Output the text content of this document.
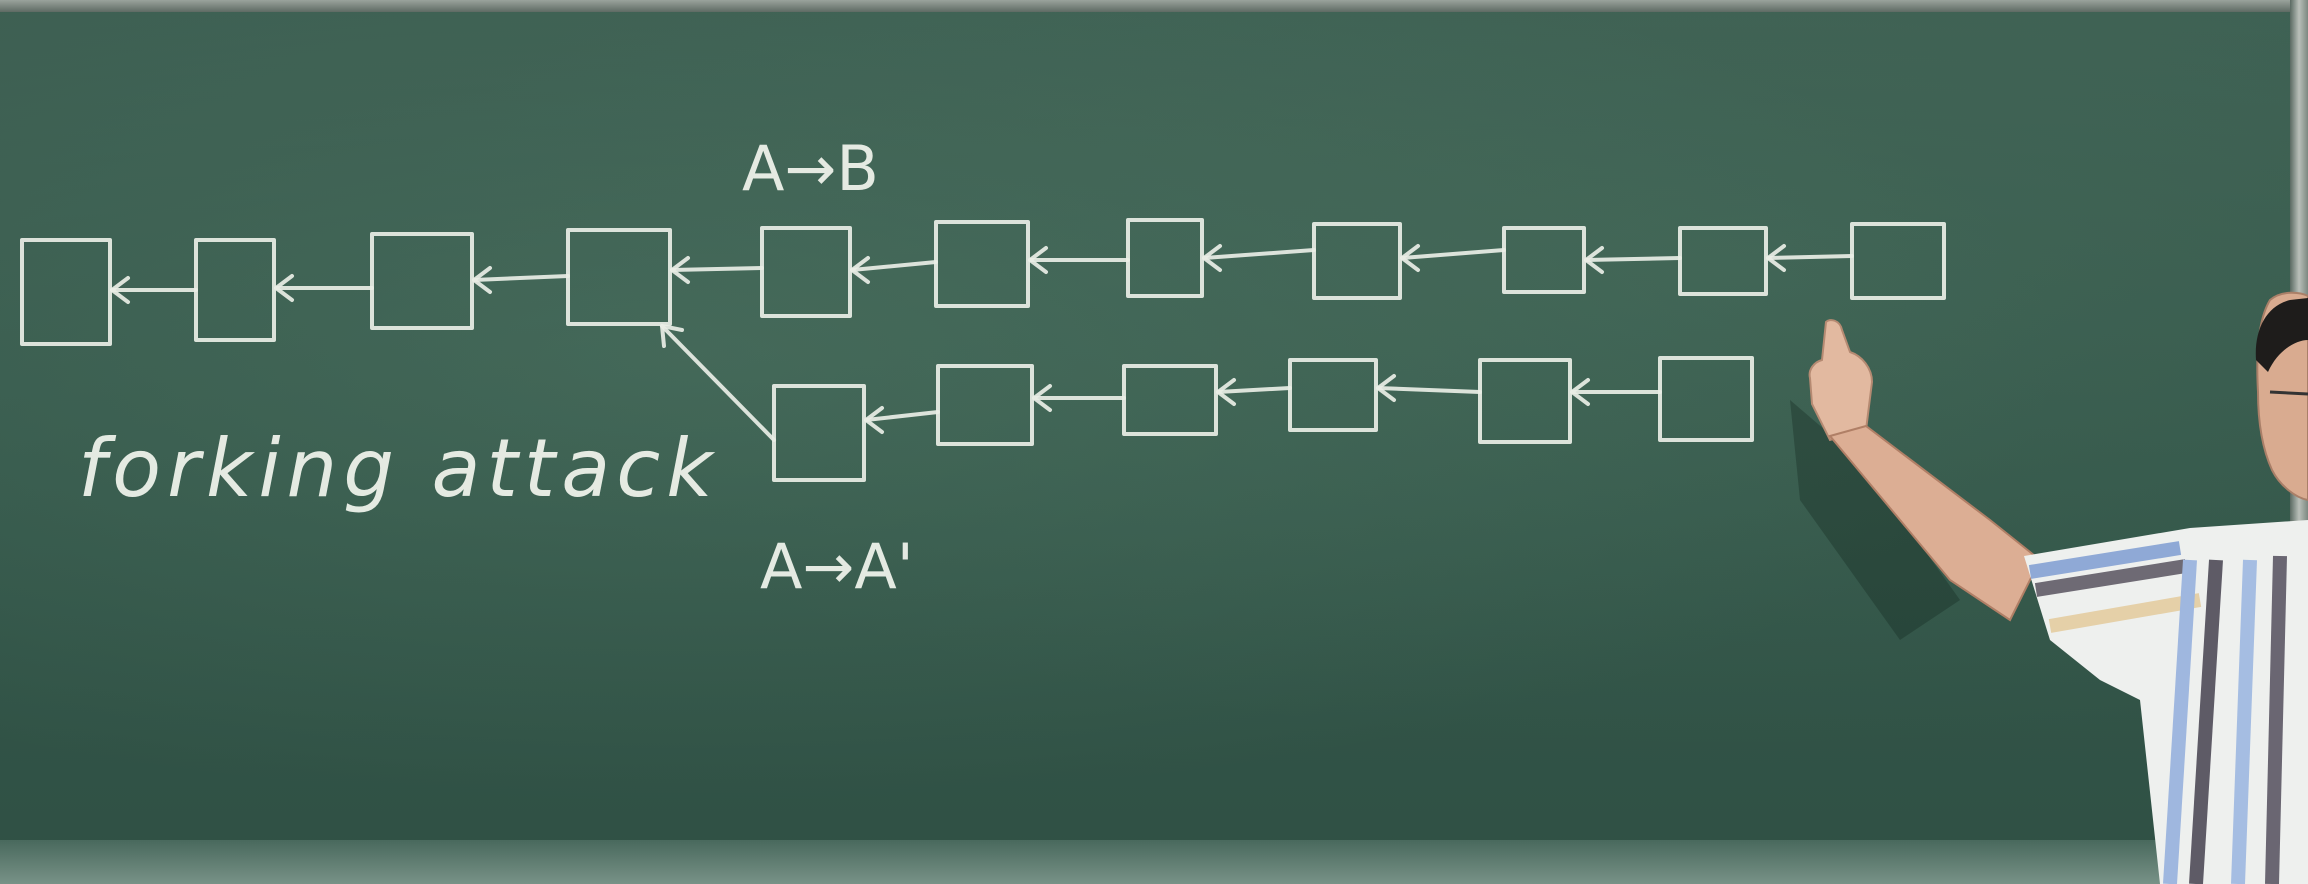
A→B
A→A'
forking attack
